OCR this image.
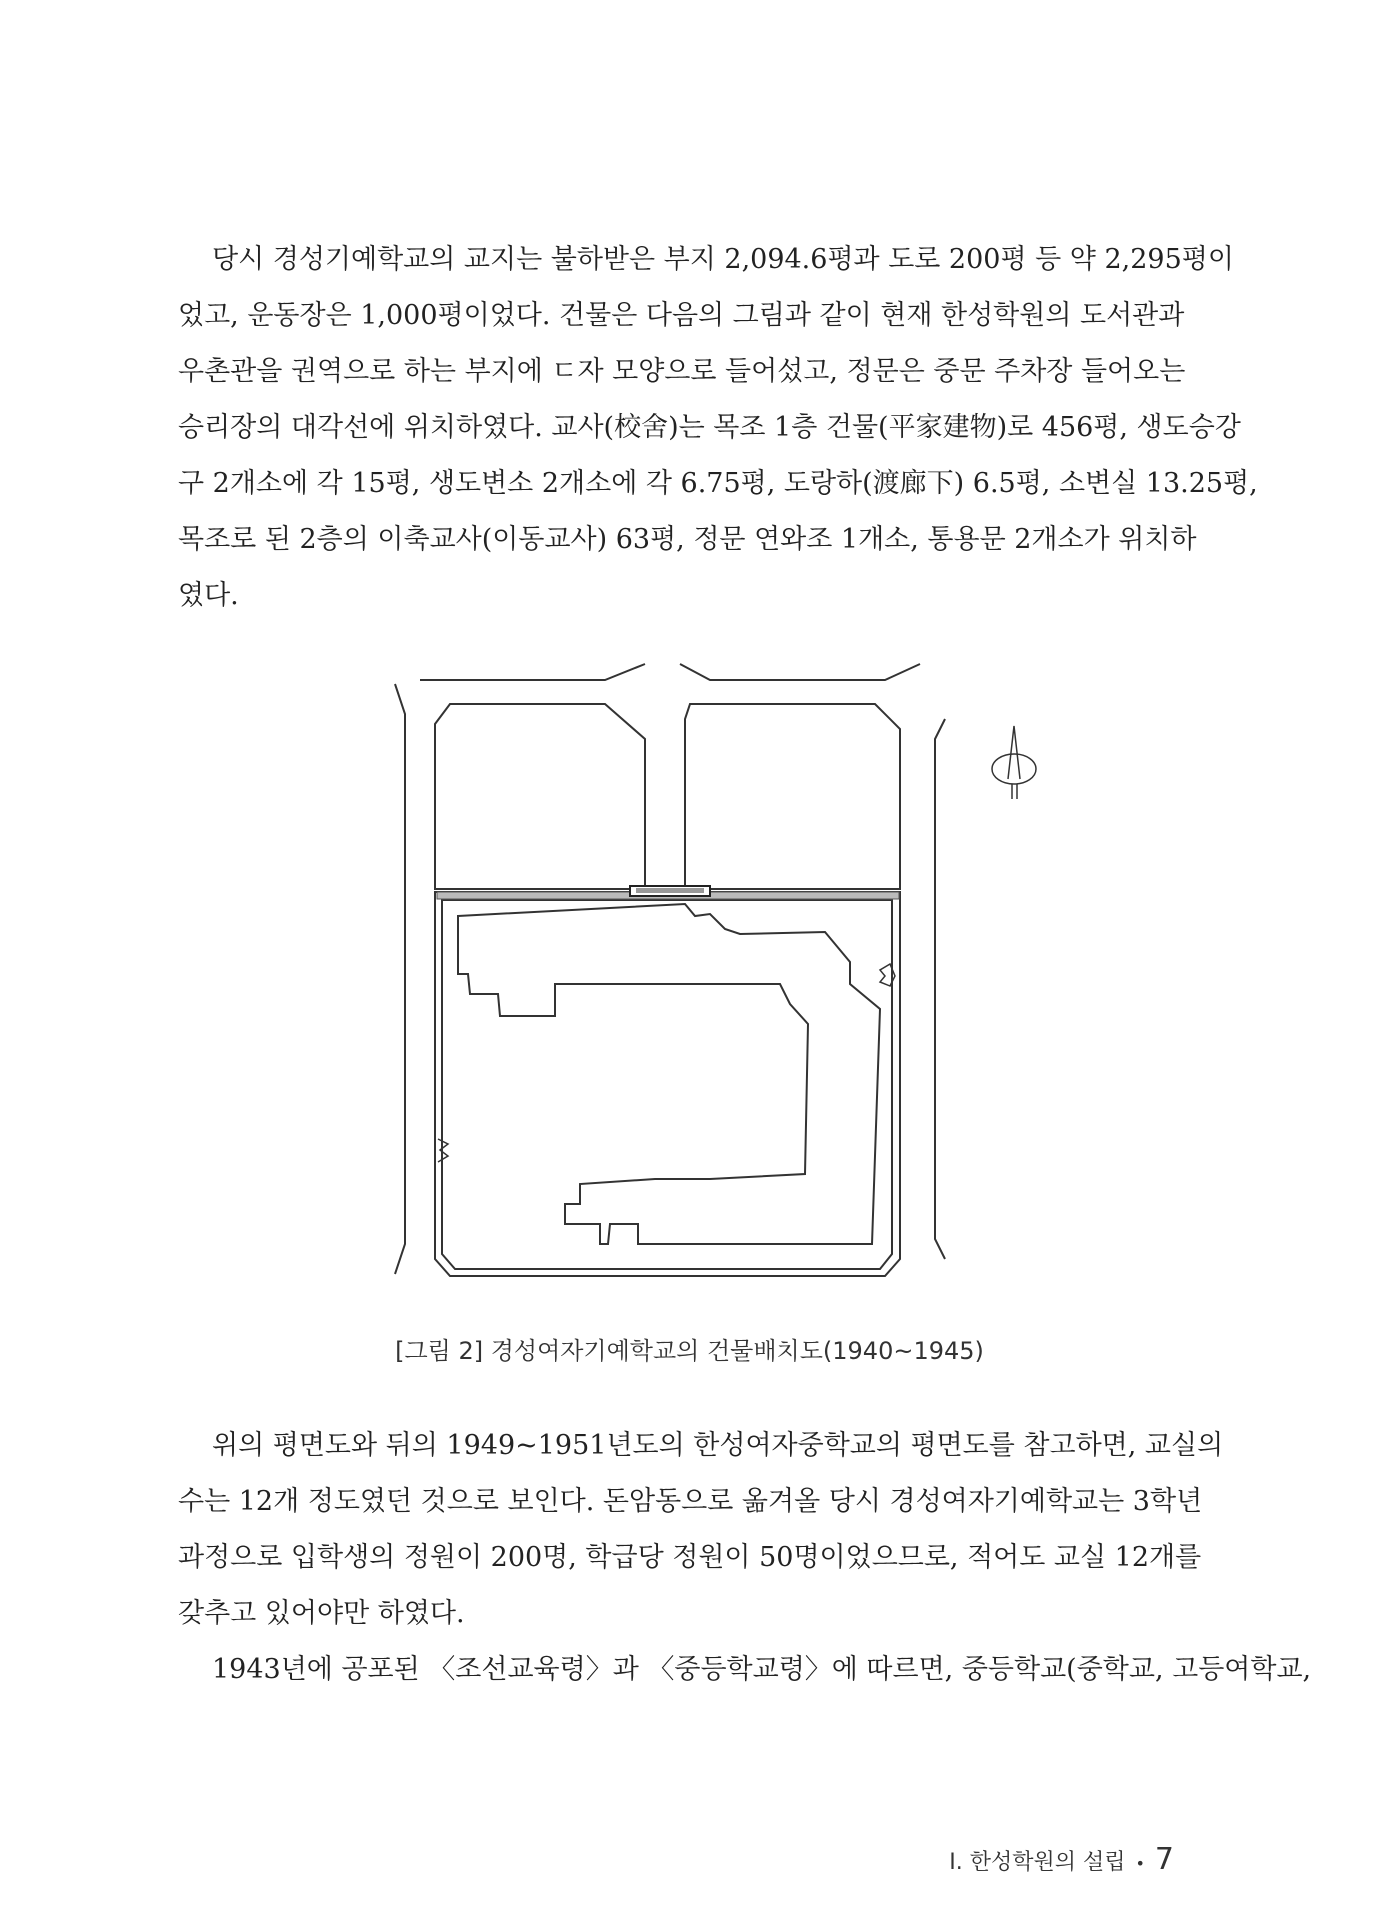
당시 경성기예학교의 교지는 불하받은 부지 2,094.6평과 도로 200평 등 약 2,295평이
었고, 운동장은 1,000평이었다. 건물은 다음의 그림과 같이 현재 한성학원의 도서관과
우촌관을 권역으로 하는 부지에 ㄷ자 모양으로 들어섰고, 정문은 중문 주차장 들어오는
승리장의 대각선에 위치하였다. 교사(校舍)는 목조 1층 건물(平家建物)로 456평, 생도승강
구 2개소에 각 15평, 생도변소 2개소에 각 6.75평, 도랑하(渡廊下) 6.5평, 소변실 13.25평,
목조로 된 2층의 이축교사(이동교사) 63평, 정문 연와조 1개소, 통용문 2개소가 위치하
였다.
[그림 2] 경성여자기예학교의 건물배치도(1940~1945)
위의 평면도와 뒤의 1949~1951년도의 한성여자중학교의 평면도를 참고하면, 교실의
수는 12개 정도였던 것으로 보인다. 돈암동으로 옮겨올 당시 경성여자기예학교는 3학년
과정으로 입학생의 정원이 200명, 학급당 정원이 50명이었으므로, 적어도 교실 12개를
갖추고 있어야만 하였다.
1943년에 공포된 〈조선교육령〉과 〈중등학교령〉에 따르면, 중등학교(중학교, 고등여학교,
Ⅰ. 한성학원의 설립 • 7
